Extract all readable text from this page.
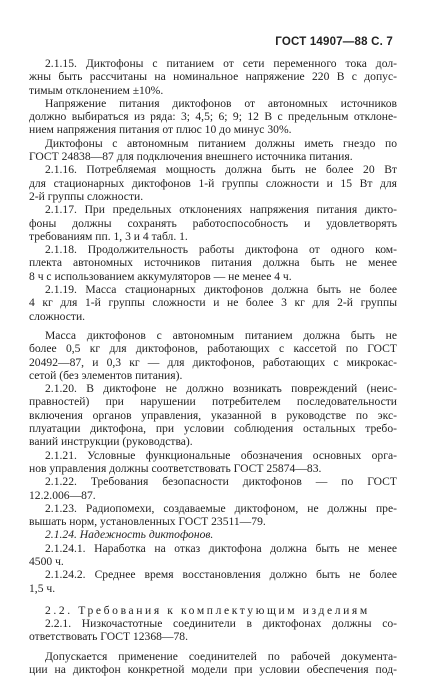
ГОСТ 14907—88 С. 7
2.1.15. Диктофоны с питанием от сети переменного тока дол-
жны быть рассчитаны на номинальное напряжение 220 В с допус-
тимым отклонением ±10%.
Напряжение питания диктофонов от автономных источников
должно выбираться из ряда: 3; 4,5; 6; 9; 12 В с предельным отклоне-
нием напряжения питания от плюс 10 до минус 30%.
Диктофоны с автономным питанием должны иметь гнездо по
ГОСТ 24838—87 для подключения внешнего источника питания.
2.1.16. Потребляемая мощность должна быть не более 20 Вт
для стационарных диктофонов 1-й группы сложности и 15 Вт для
2-й группы сложности.
2.1.17. При предельных отклонениях напряжения питания дикто-
фоны должны сохранять работоспособность и удовлетворять
требованиям пп. 1, 3 и 4 табл. 1.
2.1.18. Продолжительность работы диктофона от одного ком-
плекта автономных источников питания должна быть не менее
8 ч с использованием аккумуляторов — не менее 4 ч.
2.1.19. Масса стационарных диктофонов должна быть не более
4 кг для 1-й группы сложности и не более 3 кг для 2-й группы
сложности.
Масса диктофонов с автономным питанием должна быть не
более 0,5 кг для диктофонов, работающих с кассетой по ГОСТ
20492—87, и 0,3 кг — для диктофонов, работающих с микрокас-
сетой (без элементов питания).
2.1.20. В диктофоне не должно возникать повреждений (неис-
правностей) при нарушении потребителем последовательности
включения органов управления, указанной в руководстве по экс-
плуатации диктофона, при условии соблюдения остальных требо-
ваний инструкции (руководства).
2.1.21. Условные функциональные обозначения основных орга-
нов управления должны соответствовать ГОСТ 25874—83.
2.1.22. Требования безопасности диктофонов — по ГОСТ
12.2.006—87.
2.1.23. Радиопомехи, создаваемые диктофоном, не должны пре-
вышать норм, установленных ГОСТ 23511—79.
2.1.24. Надежность диктофонов.
2.1.24.1. Наработка на отказ диктофона должна быть не менее
4500 ч.
2.1.24.2. Среднее время восстановления должно быть не более
1,5 ч.
2.2. Требования к комплектующим изделиям
2.2.1. Низкочастотные соединители в диктофонах должны со-
ответствовать ГОСТ 12368—78.
Допускается применение соединителей по рабочей документа-
ции на диктофон конкретной модели при условии обеспечения под-
